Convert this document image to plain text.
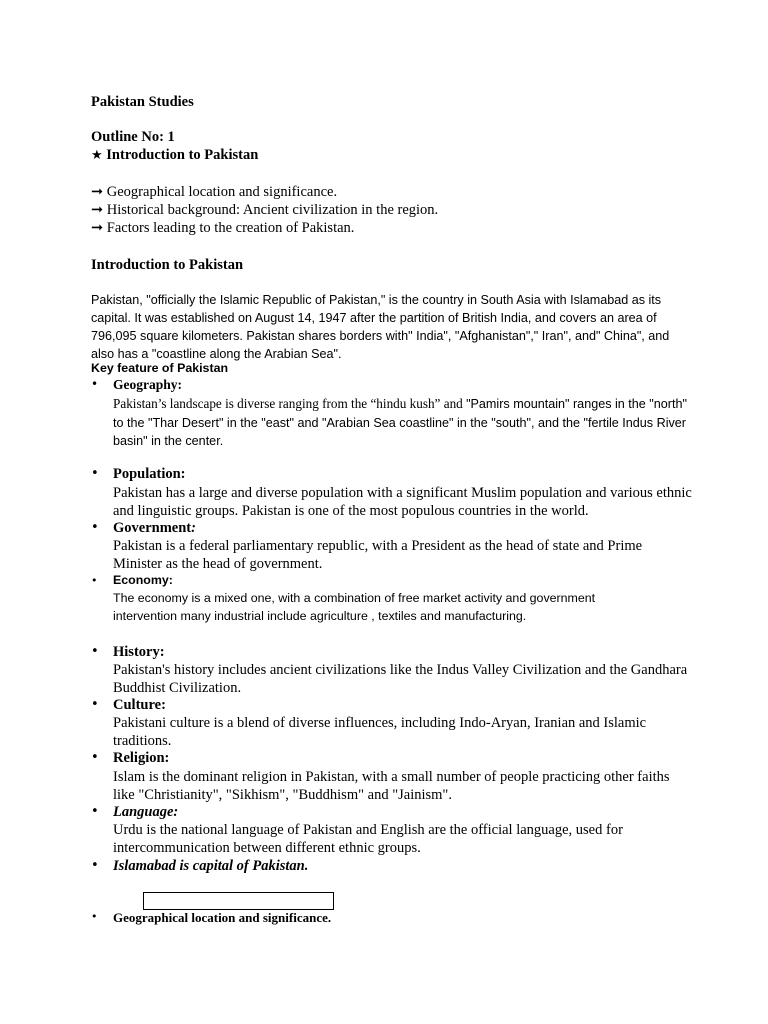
Pakistan Studies
Outline No: 1
★ Introduction to Pakistan
➞ Geographical location and significance.
➞ Historical background: Ancient civilization in the region.
➞ Factors leading to the creation of Pakistan.
Introduction to Pakistan
Pakistan, "officially the Islamic Republic of Pakistan," is the country in South Asia with Islamabad as its capital. It was established on August 14, 1947 after the partition of British India, and covers an area of 796,095 square kilometers. Pakistan shares borders with" India", "Afghanistan"," Iran", and" China", and also has a "coastline along the Arabian Sea".
Key feature of Pakistan
• Geography:
Pakistan’s landscape is diverse ranging from the “hindu kush” and "Pamirs mountain" ranges in the "north" to the "Thar Desert" in the "east" and "Arabian Sea coastline" in the "south", and the "fertile Indus River basin" in the center.
• Population:
Pakistan has a large and diverse population with a significant Muslim population and various ethnic and linguistic groups. Pakistan is one of the most populous countries in the world.
• Government:
Pakistan is a federal parliamentary republic, with a President as the head of state and Prime Minister as the head of government.
• Economy:
The economy is a mixed one, with a combination of free market activity and government intervention many industrial include agriculture , textiles and manufacturing.
• History:
Pakistan's history includes ancient civilizations like the Indus Valley Civilization and the Gandhara Buddhist Civilization.
• Culture:
Pakistani culture is a blend of diverse influences, including Indo-Aryan, Iranian and Islamic traditions.
• Religion:
Islam is the dominant religion in Pakistan, with a small number of people practicing other faiths like "Christianity", "Sikhism", "Buddhism" and "Jainism".
• Language:
Urdu is the national language of Pakistan and English are the official language, used for intercommunication between different ethnic groups.
• Islamabad is capital of Pakistan.
• Geographical location and significance.
